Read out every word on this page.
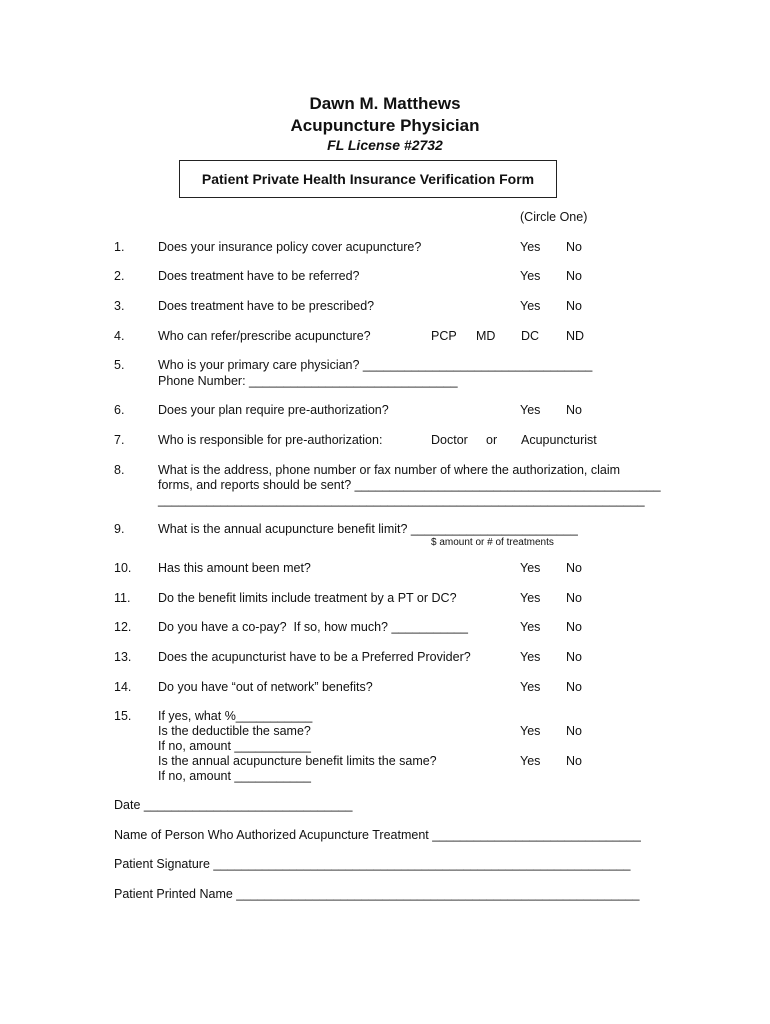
Dawn M. Matthews
Acupuncture Physician
FL License #2732
Patient Private Health Insurance Verification Form
(Circle One)
1.	Does your insurance policy cover acupuncture?	Yes No
2.	Does treatment have to be referred?	Yes No
3.	Does treatment have to be prescribed?	Yes No
4.	Who can refer/prescribe acupuncture?	PCP MD DC ND
5.	Who is your primary care physician? _________________________________
Phone Number: ______________________________
6.	Does your plan require pre-authorization?	Yes No
7.	Who is responsible for pre-authorization:	Doctor or Acupuncturist
8.	What is the address, phone number or fax number of where the authorization, claim
forms, and reports should be sent? ____________________________________________
______________________________________________________________________
9.	What is the annual acupuncture benefit limit? ________________________
$ amount or # of treatments
10. Has this amount been met?	Yes No
11. Do the benefit limits include treatment by a PT or DC?	Yes No
12. Do you have a co-pay?  If so, how much? ___________	Yes No
13. Does the acupuncturist have to be a Preferred Provider?	Yes No
14. Do you have “out of network” benefits?	Yes No
15. If yes, what %___________
Is the deductible the same?	Yes No
If no, amount ___________
Is the annual acupuncture benefit limits the same?	Yes No
If no, amount ___________
Date ______________________________
Name of Person Who Authorized Acupuncture Treatment ______________________________
Patient Signature ____________________________________________________________
Patient Printed Name __________________________________________________________
